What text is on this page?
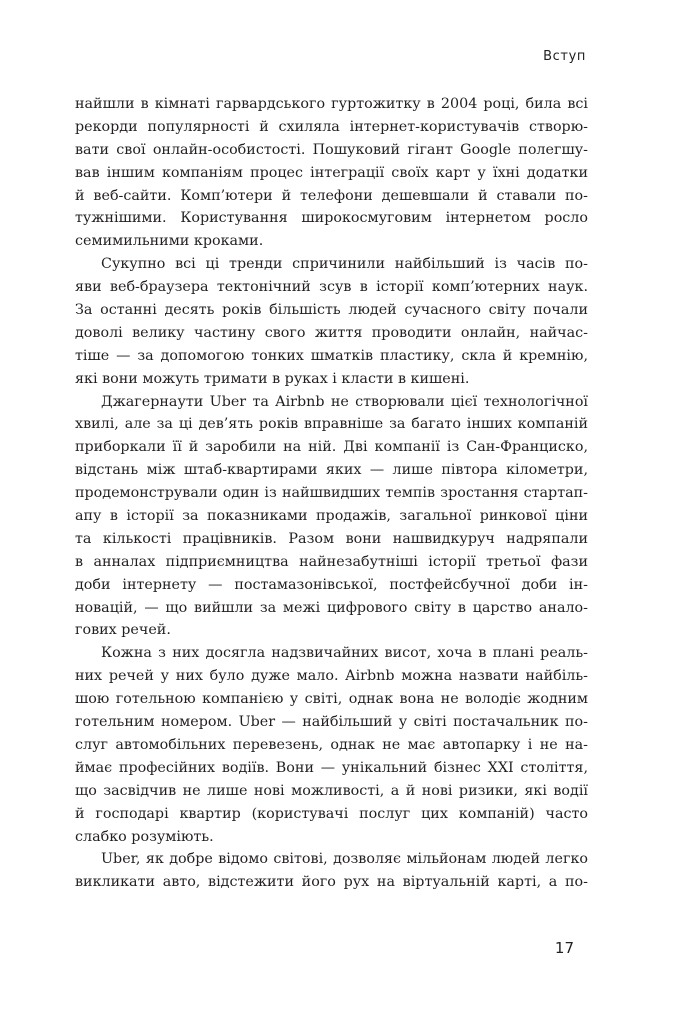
Вступ
найшли в кімнаті гарвардського гуртожитку в 2004 році, била всі
рекорди популярності й схиляла інтернет-користувачів створю-
вати свої онлайн-особистості. Пошуковий гігант Google полегшу-
вав іншим компаніям процес інтеграції своїх карт у їхні додатки
й веб-сайти. Комп’ютери й телефони дешевшали й ставали по-
тужнішими. Користування широкосмуговим інтернетом росло
семимильними кроками.
Сукупно всі ці тренди спричинили найбільший із часів по-
яви веб-браузера тектонічний зсув в історії комп’ютерних наук.
За останні десять років більшість людей сучасного світу почали
доволі велику частину свого життя проводити онлайн, найчас-
тіше — за допомогою тонких шматків пластику, скла й кремнію,
які вони можуть тримати в руках і класти в кишені.
Джагернаути Uber та Airbnb не створювали цієї технологічної
хвилі, але за ці дев’ять років вправніше за багато інших компаній
приборкали її й заробили на ній. Дві компанії із Сан-Франциско,
відстань між штаб-квартирами яких — лише півтора кілометри,
продемонстрували один із найшвидших темпів зростання стартап-
апу в історії за показниками продажів, загальної ринкової ціни
та кількості працівників. Разом вони нашвидкуруч надряпали
в анналах підприємництва найнезабутніші історії третьої фази
доби інтернету — постамазонівської, постфейсбучної доби ін-
новацій, — що вийшли за межі цифрового світу в царство анало-
гових речей.
Кожна з них досягла надзвичайних висот, хоча в плані реаль-
них речей у них було дуже мало. Airbnb можна назвати найбіль-
шою готельною компанією у світі, однак вона не володіє жодним
готельним номером. Uber — найбільший у світі постачальник по-
слуг автомобільних перевезень, однак не має автопарку і не на-
ймає професійних водіїв. Вони — унікальний бізнес XXI століття,
що засвідчив не лише нові можливості, а й нові ризики, які водії
й господарі квартир (користувачі послуг цих компаній) часто
слабко розуміють.
Uber, як добре відомо світові, дозволяє мільйонам людей легко
викликати авто, відстежити його рух на віртуальній карті, а по-
17
